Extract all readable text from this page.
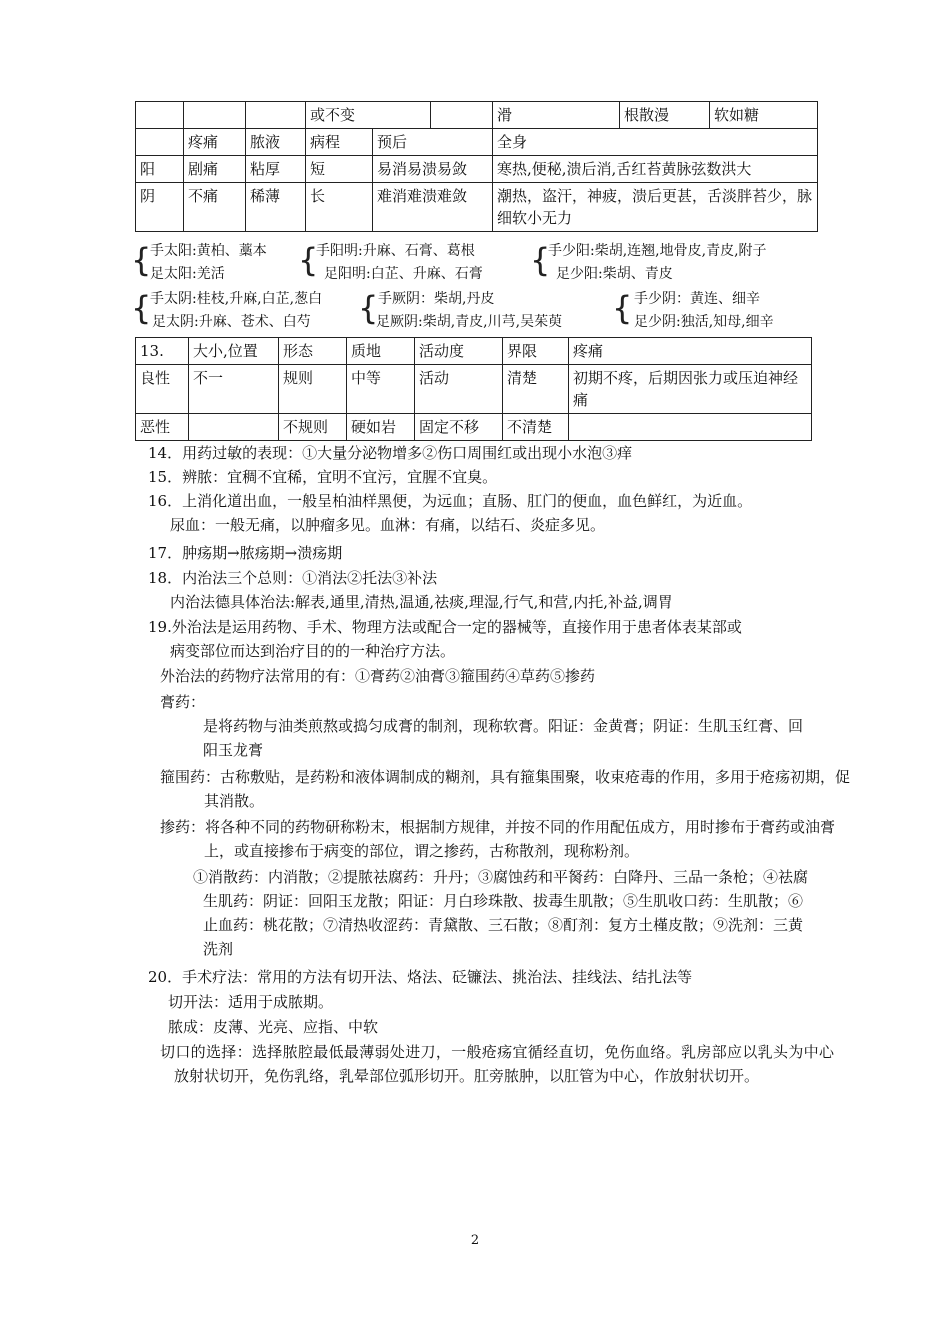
			或不变			滑	根散漫	软如糖
	疼痛	脓液	病程	预后		全身		
阳	剧痛	粘厚	短	易消易溃易敛		寒热,便秘,溃后消,舌红苔黄脉弦数洪大		
阴	不痛	稀薄	长	难消难溃难敛		潮热，盗汗，神疲，溃后更甚，舌淡胖苔少，脉细软小无力		
{
手太阳:黄柏、藁本
足太阳:羌活 {
手阳明:升麻、石膏、葛根
足阳明:白芷、升麻、石膏 {
手少阳:柴胡,连翘,地骨皮,青皮,附子
足少阳:柴胡、青皮
{
手太阴:桂枝,升麻,白芷,葱白
足太阴:升麻、苍术、白芍 { 手厥阴：柴胡,丹皮
足厥阴:柴胡,青皮,川芎,吴茱萸 { 手少阴：黄连、细辛
足少阴:独活,知母,细辛
13.	大小,位置	形态	质地	活动度	界限	疼痛
良性	不一	规则	中等	活动	清楚	初期不疼，后期因张力或压迫神经痛
恶性		不规则	硬如岩	固定不移	不清楚	
14．用药过敏的表现：①大量分泌物增多②伤口周围红或出现小水泡③痒
15．辨脓：宜稠不宜稀，宜明不宜污，宜腥不宜臭。
16．上消化道出血，一般呈柏油样黑便，为远血；直肠、肛门的便血，血色鲜红，为近血。
尿血：一般无痛，以肿瘤多见。血淋：有痛，以结石、炎症多见。
17．肿疡期→脓疡期→溃疡期
18．内治法三个总则：①消法②托法③补法
内治法德具体治法:解表,通里,清热,温通,祛痰,理湿,行气,和营,内托,补益,调胃
19.外治法是运用药物、手术、物理方法或配合一定的器械等，直接作用于患者体表某部或
病变部位而达到治疗目的的一种治疗方法。
外治法的药物疗法常用的有：①膏药②油膏③箍围药④草药⑤掺药
膏药：
是将药物与油类煎熬或捣匀成膏的制剂，现称软膏。阳证：金黄膏；阴证：生肌玉红膏、回阳玉龙膏
箍围药：古称敷贴，是药粉和液体调制成的糊剂，具有箍集围聚，收束疮毒的作用，多用于疮疡初期，促其消散。
掺药：将各种不同的药物研称粉末，根据制方规律，并按不同的作用配伍成方，用时掺布于膏药或油膏上，或直接掺布于病变的部位，谓之掺药，古称散剂，现称粉剂。
①消散药：内消散；②提脓祛腐药：升丹；③腐蚀药和平胬药：白降丹、三品一条枪；④祛腐生肌药：阴证：回阳玉龙散；阳证：月白珍珠散、拔毒生肌散；⑤生肌收口药：生肌散；⑥止血药：桃花散；⑦清热收涩药：青黛散、三石散；⑧酊剂：复方土槿皮散；⑨洗剂：三黄洗剂
20．手术疗法：常用的方法有切开法、烙法、砭镰法、挑治法、挂线法、结扎法等
切开法：适用于成脓期。
脓成：皮薄、光亮、应指、中软
切口的选择：选择脓腔最低最薄弱处进刀，一般疮疡宜循经直切，免伤血络。乳房部应以乳头为中心放射状切开，免伤乳络，乳晕部位弧形切开。肛旁脓肿，以肛管为中心，作放射状切开。
2
